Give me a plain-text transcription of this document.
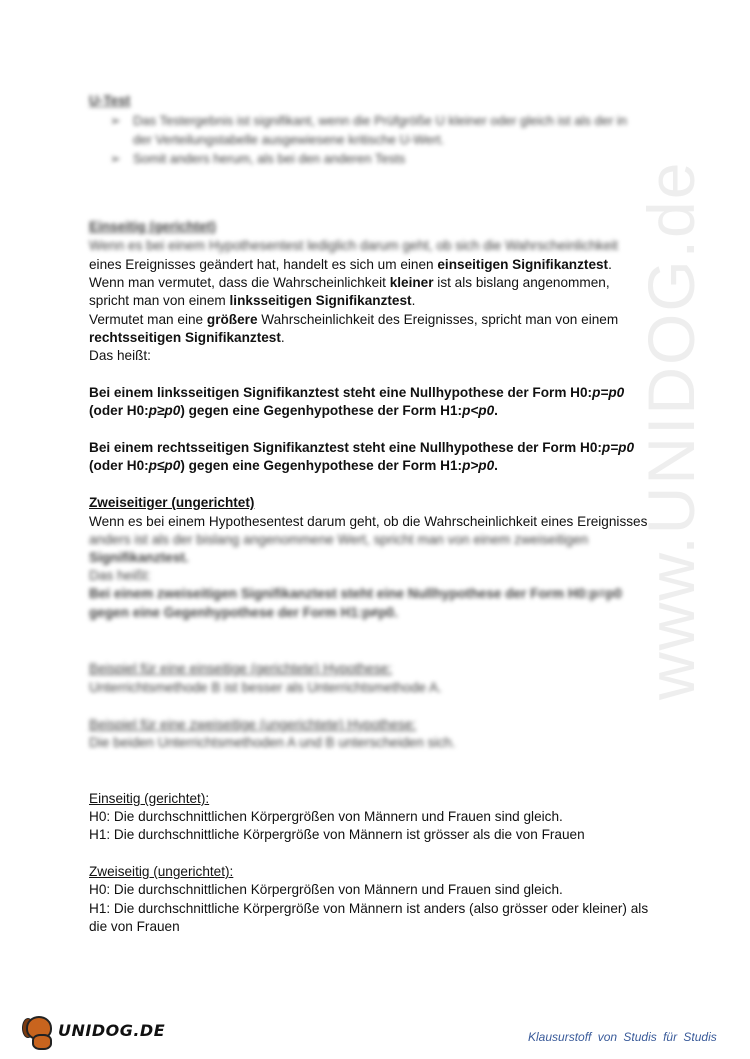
www.UNIDOG.de
U-Test
➢ Das Testergebnis ist signifikant, wenn die Prüfgröße U kleiner oder gleich ist als der in
der Verteilungstabelle ausgewiesene kritische U-Wert.
➢ Somit anders herum, als bei den anderen Tests
Einseitig (gerichtet)
Wenn es bei einem Hypothesentest lediglich darum geht, ob sich die Wahrscheinlichkeit
eines Ereignisses geändert hat, handelt es sich um einen einseitigen Signifikanztest.
Wenn man vermutet, dass die Wahrscheinlichkeit kleiner ist als bislang angenommen,
spricht man von einem linksseitigen Signifikanztest.
Vermutet man eine größere Wahrscheinlichkeit des Ereignisses, spricht man von einem
rechtsseitigen Signifikanztest.
Das heißt:
Bei einem linksseitigen Signifikanztest steht eine Nullhypothese der Form H0:p=p0
(oder H0:p≥p0) gegen eine Gegenhypothese der Form H1:p<p0.
Bei einem rechtsseitigen Signifikanztest steht eine Nullhypothese der Form H0:p=p0
(oder H0:p≤p0) gegen eine Gegenhypothese der Form H1:p>p0.
Zweiseitiger (ungerichtet)
Wenn es bei einem Hypothesentest darum geht, ob die Wahrscheinlichkeit eines Ereignisses
anders ist als der bislang angenommene Wert, spricht man von einem zweiseitigen
Signifikanztest.
Das heißt:
Bei einem zweiseitigen Signifikanztest steht eine Nullhypothese der Form H0:p=p0
gegen eine Gegenhypothese der Form H1:p≠p0.
Beispiel für eine einseitige (gerichtete) Hypothese:
Unterrichtsmethode B ist besser als Unterrichtsmethode A.
Beispiel für eine zweiseitige (ungerichtete) Hypothese:
Die beiden Unterrichtsmethoden A und B unterscheiden sich.
Einseitig (gerichtet):
H0: Die durchschnittlichen Körpergrößen von Männern und Frauen sind gleich.
H1: Die durchschnittliche Körpergröße von Männern ist grösser als die von Frauen
Zweiseitig (ungerichtet):
H0: Die durchschnittlichen Körpergrößen von Männern und Frauen sind gleich.
H1: Die durchschnittliche Körpergröße von Männern ist anders (also grösser oder kleiner) als
die von Frauen
UNIDOG.DE	Klausurstoff von Studis für Studis
